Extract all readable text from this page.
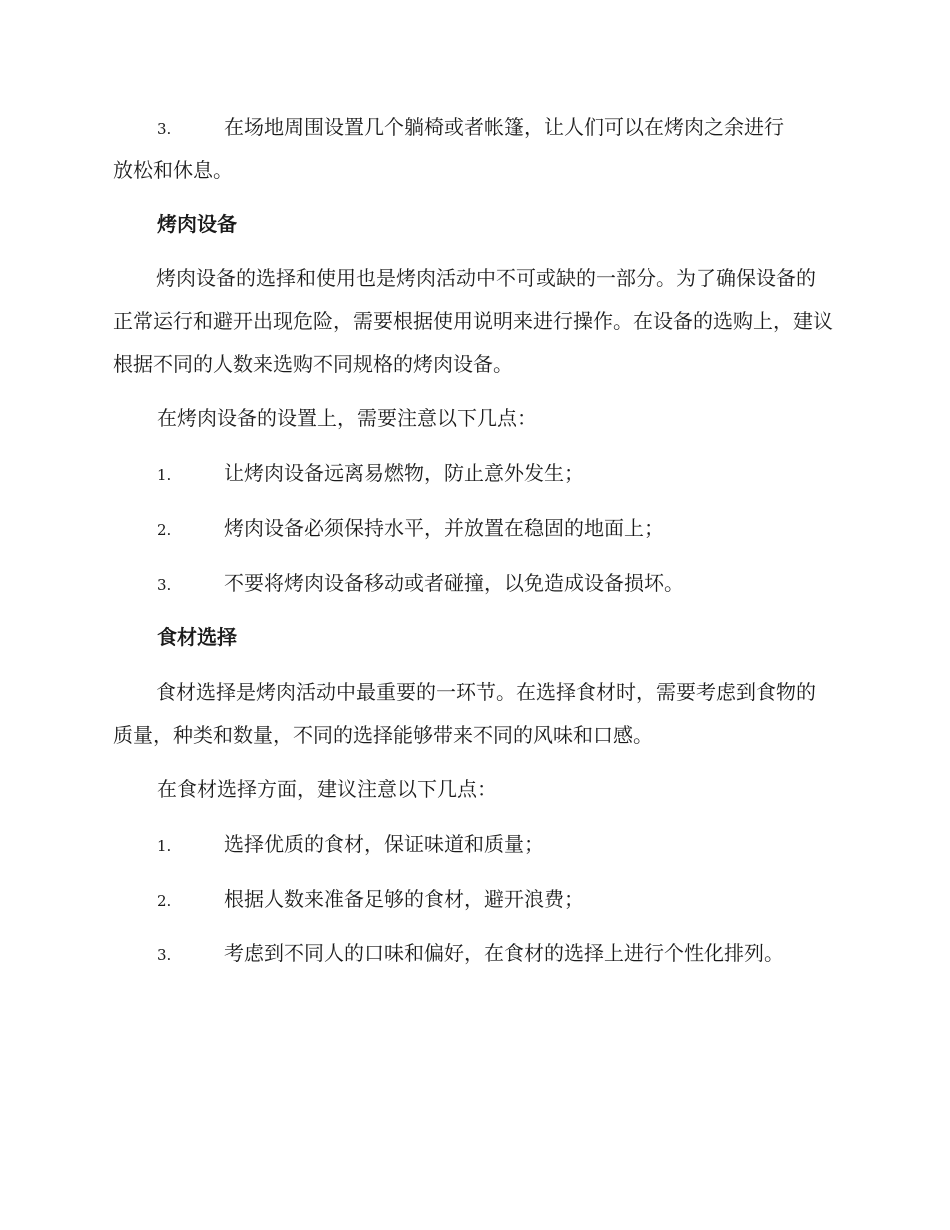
3.	在场地周围设置几个躺椅或者帐篷，让人们可以在烤肉之余进行
放松和休息。
烤肉设备

烤肉设备的选择和使用也是烤肉活动中不可或缺的一部分。为了确保设备的正常运行和避开出现危险，需要根据使用说明来进行操作。在设备的选购上，建议根据不同的人数来选购不同规格的烤肉设备。

在烤肉设备的设置上，需要注意以下几点：
1.	让烤肉设备远离易燃物，防止意外发生；
2.	烤肉设备必须保持水平，并放置在稳固的地面上；
3.	不要将烤肉设备移动或者碰撞，以免造成设备损坏。
食材选择

食材选择是烤肉活动中最重要的一环节。在选择食材时，需要考虑到食物的质量，种类和数量，不同的选择能够带来不同的风味和口感。

在食材选择方面，建议注意以下几点：
1.	选择优质的食材，保证味道和质量；
2.	根据人数来准备足够的食材，避开浪费；
3.	考虑到不同人的口味和偏好，在食材的选择上进行个性化排列。
